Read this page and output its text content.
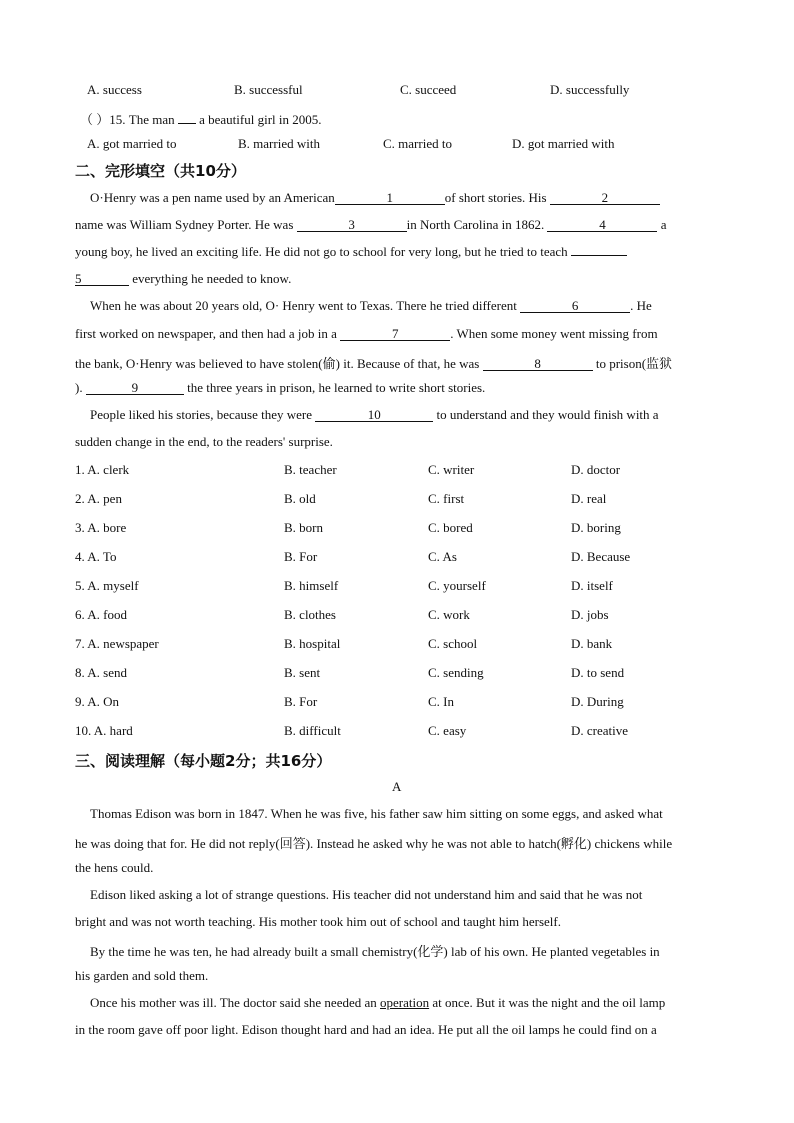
A. success	B. successful	C. succeed	D. successfully
（ ）15. The man a beautiful girl in 2005.
A. got married to	B. married with	C. married to	D. got married with
二、完形填空（共10分）
O·Henry was a pen name used by an American	1	of short stories. His	2
name was William Sydney Porter. He was	3	in North Carolina in 1862.	4	a
young boy, he lived an exciting life. He did not go to school for very long, but he tried to teach
5	everything he needed to know.
When he was about 20 years old, O· Henry went to Texas. There he tried different	6	. He
first worked on newspaper, and then had a job in a	7	. When some money went missing from
the bank, O·Henry was believed to have stolen(偷) it. Because of that, he was	8	to prison(监狱
).	9	the three years in prison, he learned to write short stories.
People liked his stories, because they were	10	to understand and they would finish with a
sudden change in the end, to the readers' surprise.
1. A. clerk	B. teacher	C. writer	D. doctor
2. A. pen	B. old	C. first	D. real
3. A. bore	B. born	C. bored	D. boring
4. A. To	B. For	C. As	D. Because
5. A. myself	B. himself	C. yourself	D. itself
6. A. food	B. clothes	C. work	D. jobs
7. A. newspaper	B. hospital	C. school	D. bank
8. A. send	B. sent	C. sending	D. to send
9. A. On	B. For	C. In	D. During
10. A. hard	B. difficult	C. easy	D. creative
三、阅读理解（每小题2分；共16分）
A
Thomas Edison was born in 1847. When he was five, his father saw him sitting on some eggs, and asked what
he was doing that for. He did not reply(回答). Instead he asked why he was not able to hatch(孵化) chickens while
the hens could.
Edison liked asking a lot of strange questions. His teacher did not understand him and said that he was not
bright and was not worth teaching. His mother took him out of school and taught him herself.
By the time he was ten, he had already built a small chemistry(化学) lab of his own. He planted vegetables in
his garden and sold them.
Once his mother was ill. The doctor said she needed an operation at once. But it was the night and the oil lamp
in the room gave off poor light. Edison thought hard and had an idea. He put all the oil lamps he could find on a
